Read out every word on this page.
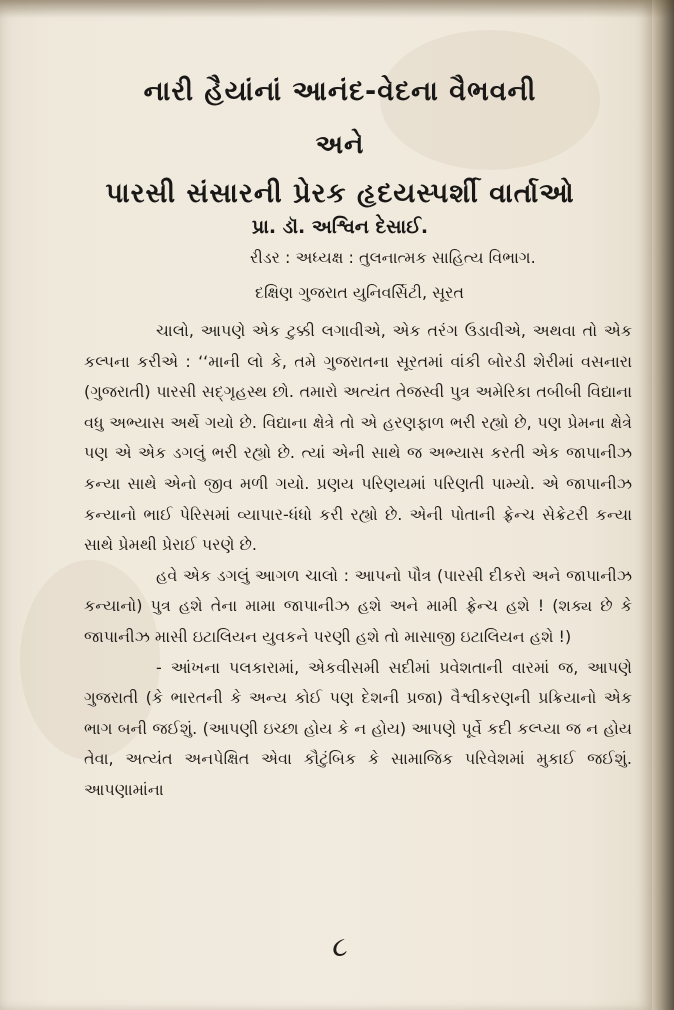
નારી હૈયાંનાં આનંદ-વેદના વૈભવની
અને
પારસી સંસારની પ્રેરક હૃદયસ્પર્શી વાર્તાઓ
પ્રા. ડૉ. અશ્વિન દેસાઈ.
રીડર : અધ્યક્ષ : તુલનાત્મક સાહિત્ય વિભાગ.
દક્ષિણ ગુજરાત યુનિવર્સિટી, સૂરત

ચાલો, આપણે એક ટુક્કી લગાવીએ, એક તરંગ ઉડાવીએ, અથવા તો એક કલ્પના કરીએ : ‘‘માની લો કે, તમે ગુજરાતના સૂરતમાં વાંકી બોરડી શેરીમાં વસનારા (ગુજરાતી) પારસી સદ્‌ગૃહસ્થ છો. તમારો અત્યંત તેજસ્વી પુત્ર અમેરિકા તબીબી વિદ્યાના વધુ અભ્યાસ અર્થે ગયો છે. વિદ્યાના ક્ષેત્રે તો એ હરણફાળ ભરી રહ્યો છે, પણ પ્રેમના ક્ષેત્રે પણ એ એક ડગલું ભરી રહ્યો છે. ત્યાં એની સાથે જ અભ્યાસ કરતી એક જાપાનીઝ કન્યા સાથે એનો જીવ મળી ગયો. પ્રણય પરિણયમાં પરિણતી પામ્યો. એ જાપાનીઝ કન્યાનો ભાઈ પેરિસમાં વ્યાપાર-ધંધો કરી રહ્યો છે. એની પોતાની ફ્રેન્ચ સેક્રેટરી કન્યા સાથે પ્રેમથી પ્રેરાઈ પરણે છે.

હવે એક ડગલું આગળ ચાલો : આપનો પૌત્ર (પારસી દીકરો અને જાપાનીઝ કન્યાનો) પુત્ર હશે તેના મામા જાપાનીઝ હશે અને મામી ફ્રેન્ચ હશે ! (શક્ય છે કે જાપાનીઝ માસી ઇટાલિયન યુવકને પરણી હશે તો માસાજી ઇટાલિયન હશે !)

- આંખના પલકારામાં, એકવીસમી સદીમાં પ્રવેશતાની વારમાં જ, આપણે ગુજરાતી (કે ભારતની કે અન્ય કોઈ પણ દેશની પ્રજા) વૈશ્વીકરણની પ્રક્રિયાનો એક ભાગ બની જઈશું. (આપણી ઇચ્છા હોય કે ન હોય) આપણે પૂર્વે કદી કલ્પ્યા જ ન હોય તેવા, અત્યંત અનપેક્ષિત એવા કૌટુંબિક કે સામાજિક પરિવેશમાં મુકાઈ જઈશું. આપણામાંના

૮
